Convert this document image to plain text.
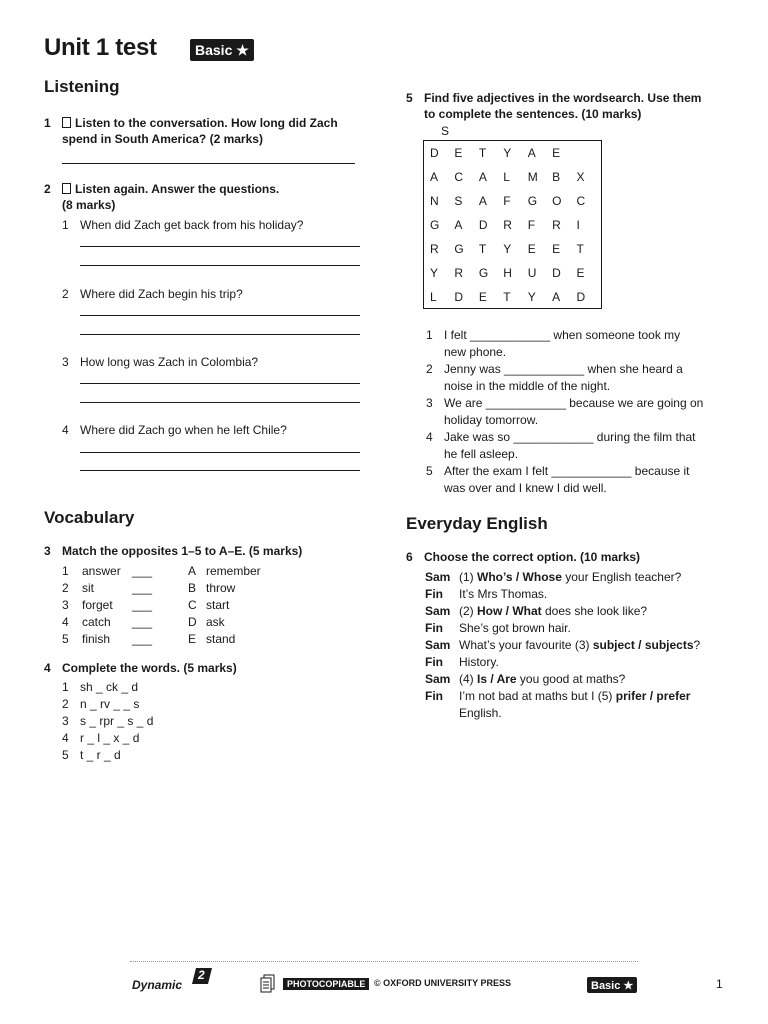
Unit 1 test	Basic ★
Listening
1 Listen to the conversation. How long did Zach
spend in South America? (2 marks)
2 Listen again. Answer the questions.
(8 marks)
1 When did Zach get back from his holiday?
2 Where did Zach begin his trip?
3 How long was Zach in Colombia?
4 Where did Zach go when he left Chile?
Vocabulary
3 Match the opposites 1–5 to A–E. (5 marks)
1 answer ___	A remember
2 sit	___	B throw
3 forget ___	C start
4 catch ___	D ask
5 finish ___	E stand
4 Complete the words. (5 marks)
1 sh _ ck _ d
2 n _ rv _ _ s
3 s _ rpr _ s _ d
4 r _ l _ x _ d
5 t _ r _ d
5 Find five adjectives in the wordsearch. Use them
to complete the sentences. (10 marks)
S
D	E	T	Y	A	E
A	C	A	L	M	B	X
N	S	A	F	G	O	C
G	A	D	R	F	R	I
R	G	T	Y	E	E	T
Y	R	G	H	U	D	E
L	D	E	T	Y	A	D
1 I felt ____________ when someone took my
new phone.
2 Jenny was ____________ when she heard a
noise in the middle of the night.
3 We are ____________ because we are going on
holiday tomorrow.
4 Jake was so ____________ during the film that
he fell asleep.
5 After the exam I felt ____________ because it
was over and I knew I did well.
Everyday English
6 Choose the correct option. (10 marks)
Sam (1) Who’s / Whose your English teacher?
Fin It’s Mrs Thomas.
Sam (2) How / What does she look like?
Fin She’s got brown hair.
Sam What’s your favourite (3) subject / subjects?
Fin History.
Sam (4) Is / Are you good at maths?
Fin I’m not bad at maths but I (5) prifer / prefer
English.
Dynamic
2
PHOTOCOPIABLE © OXFORD UNIVERSITY PRESS	Basic ★	1
